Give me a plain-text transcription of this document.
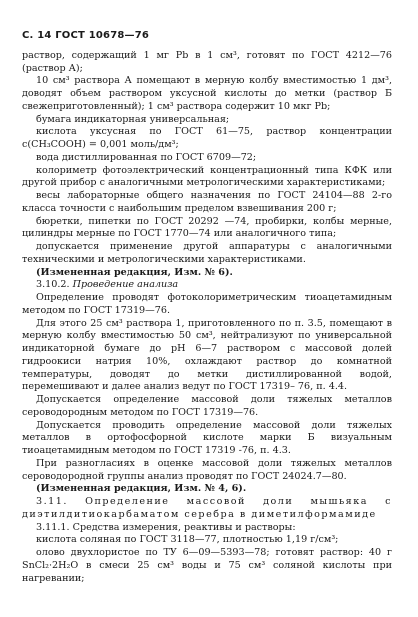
С. 14 ГОСТ 10678—76
раствор, содержащий 1 мг Pb в 1 см³, готовят по ГОСТ 4212—76 (раствор А);
10 см³ раствора А помещают в мерную колбу вместимостью 1 дм³, доводят объем раствором уксусной кислоты до метки (раствор Б свежеприготовленный); 1 см³ раствора содержит 10 мкг Pb;
бумага индикаторная универсальная;
кислота уксусная по ГОСТ 61—75, раствор концентрации c(CH₃COOH) = 0,001 моль/дм³;
вода дистиллированная по ГОСТ 6709—72;
колориметр фотоэлектрический концентрационный типа КФК или другой прибор с аналогичными метрологическими характеристиками;
весы лабораторные общего назначения по ГОСТ 24104—88 2-го класса точности с наибольшим пределом взвешивания 200 г;
бюретки, пипетки по ГОСТ 20292 —74, пробирки, колбы мерные, цилиндры мерные по ГОСТ 1770—74 или аналогичного типа;
допускается применение другой аппаратуры с аналогичными техническими и метрологическими характеристиками.
(Измененная редакция, Изм. № 6).
3.10.2. Проведение анализа
Определение проводят фотоколориметрическим тиоацетамидным методом по ГОСТ 17319—76.
Для этого 25 см³ раствора 1, приготовленного по п. 3.5, помещают в мерную колбу вместимостью 50 см³, нейтрализуют по универсальной индикаторной бумаге до pH 6—7 раствором с массовой долей гидроокиси натрия 10%, охлаждают раствор до комнатной температуры, доводят до метки дистиллированной водой, перемешивают и далее анализ ведут по ГОСТ 17319– 76, п. 4.4.
Допускается определение массовой доли тяжелых металлов сероводородным методом по ГОСТ 17319—76.
Допускается проводить определение массовой доли тяжелых металлов в ортофосфорной кислоте марки Б визуальным тиоацетамидным методом по ГОСТ 17319 -76, п. 4.3.
При разногласиях в оценке массовой доли тяжелых металлов сероводородной группы анализ проводят по ГОСТ 24024.7—80.
(Измененная редакция, Изм. № 4, 6).
3.11. Определение массовой доли мышьяка с диэтилдитиокарбаматом серебра в диметилформамиде
3.11.1. Средства измерения, реактивы и растворы:
кислота соляная по ГОСТ 3118—77, плотностью 1,19 г/см³;
олово двухлористое по ТУ 6—09—5393—78; готовят раствор: 40 г SnCl₂·2H₂O в смеси 25 см³ воды и 75 см³ соляной кислоты при нагревании;
